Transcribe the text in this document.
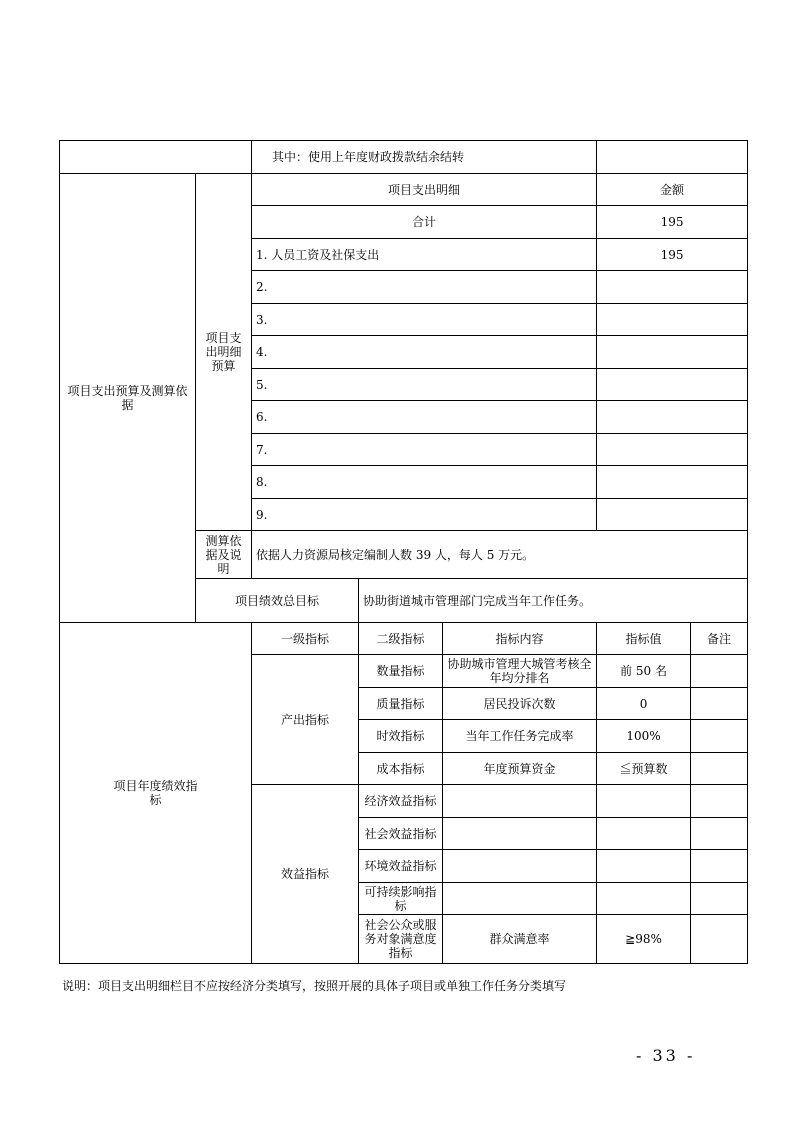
		其中：使用上年度财政拨款结余结转				
项目支出预算及测算依据	项目支出明细预算	项目支出明细			金额	
		合计			195	
		1. 人员工资及社保支出			195	
		2.				
		3.				
		4.				
		5.				
		6.				
		7.				
		8.				
		9.				
	测算依据及说明	依据人力资源局核定编制人数 39 人，每人 5 万元。				
	项目绩效总目标		协助街道城市管理部门完成当年工作任务。			
项目年度绩效指标		一级指标	二级指标	指标内容	指标值	备注
		产出指标	数量指标	协助城市管理大城管考核全年均分排名	前 50 名	
			质量指标	居民投诉次数	0	
			时效指标	当年工作任务完成率	100%	
			成本指标	年度预算资金	≦预算数	
		效益指标	经济效益指标			
			社会效益指标			
			环境效益指标			
			可持续影响指标			
			社会公众或服务对象满意度指标	群众满意率	≧98%	
说明：项目支出明细栏目不应按经济分类填写，按照开展的具体子项目或单独工作任务分类填写
- 33 -
